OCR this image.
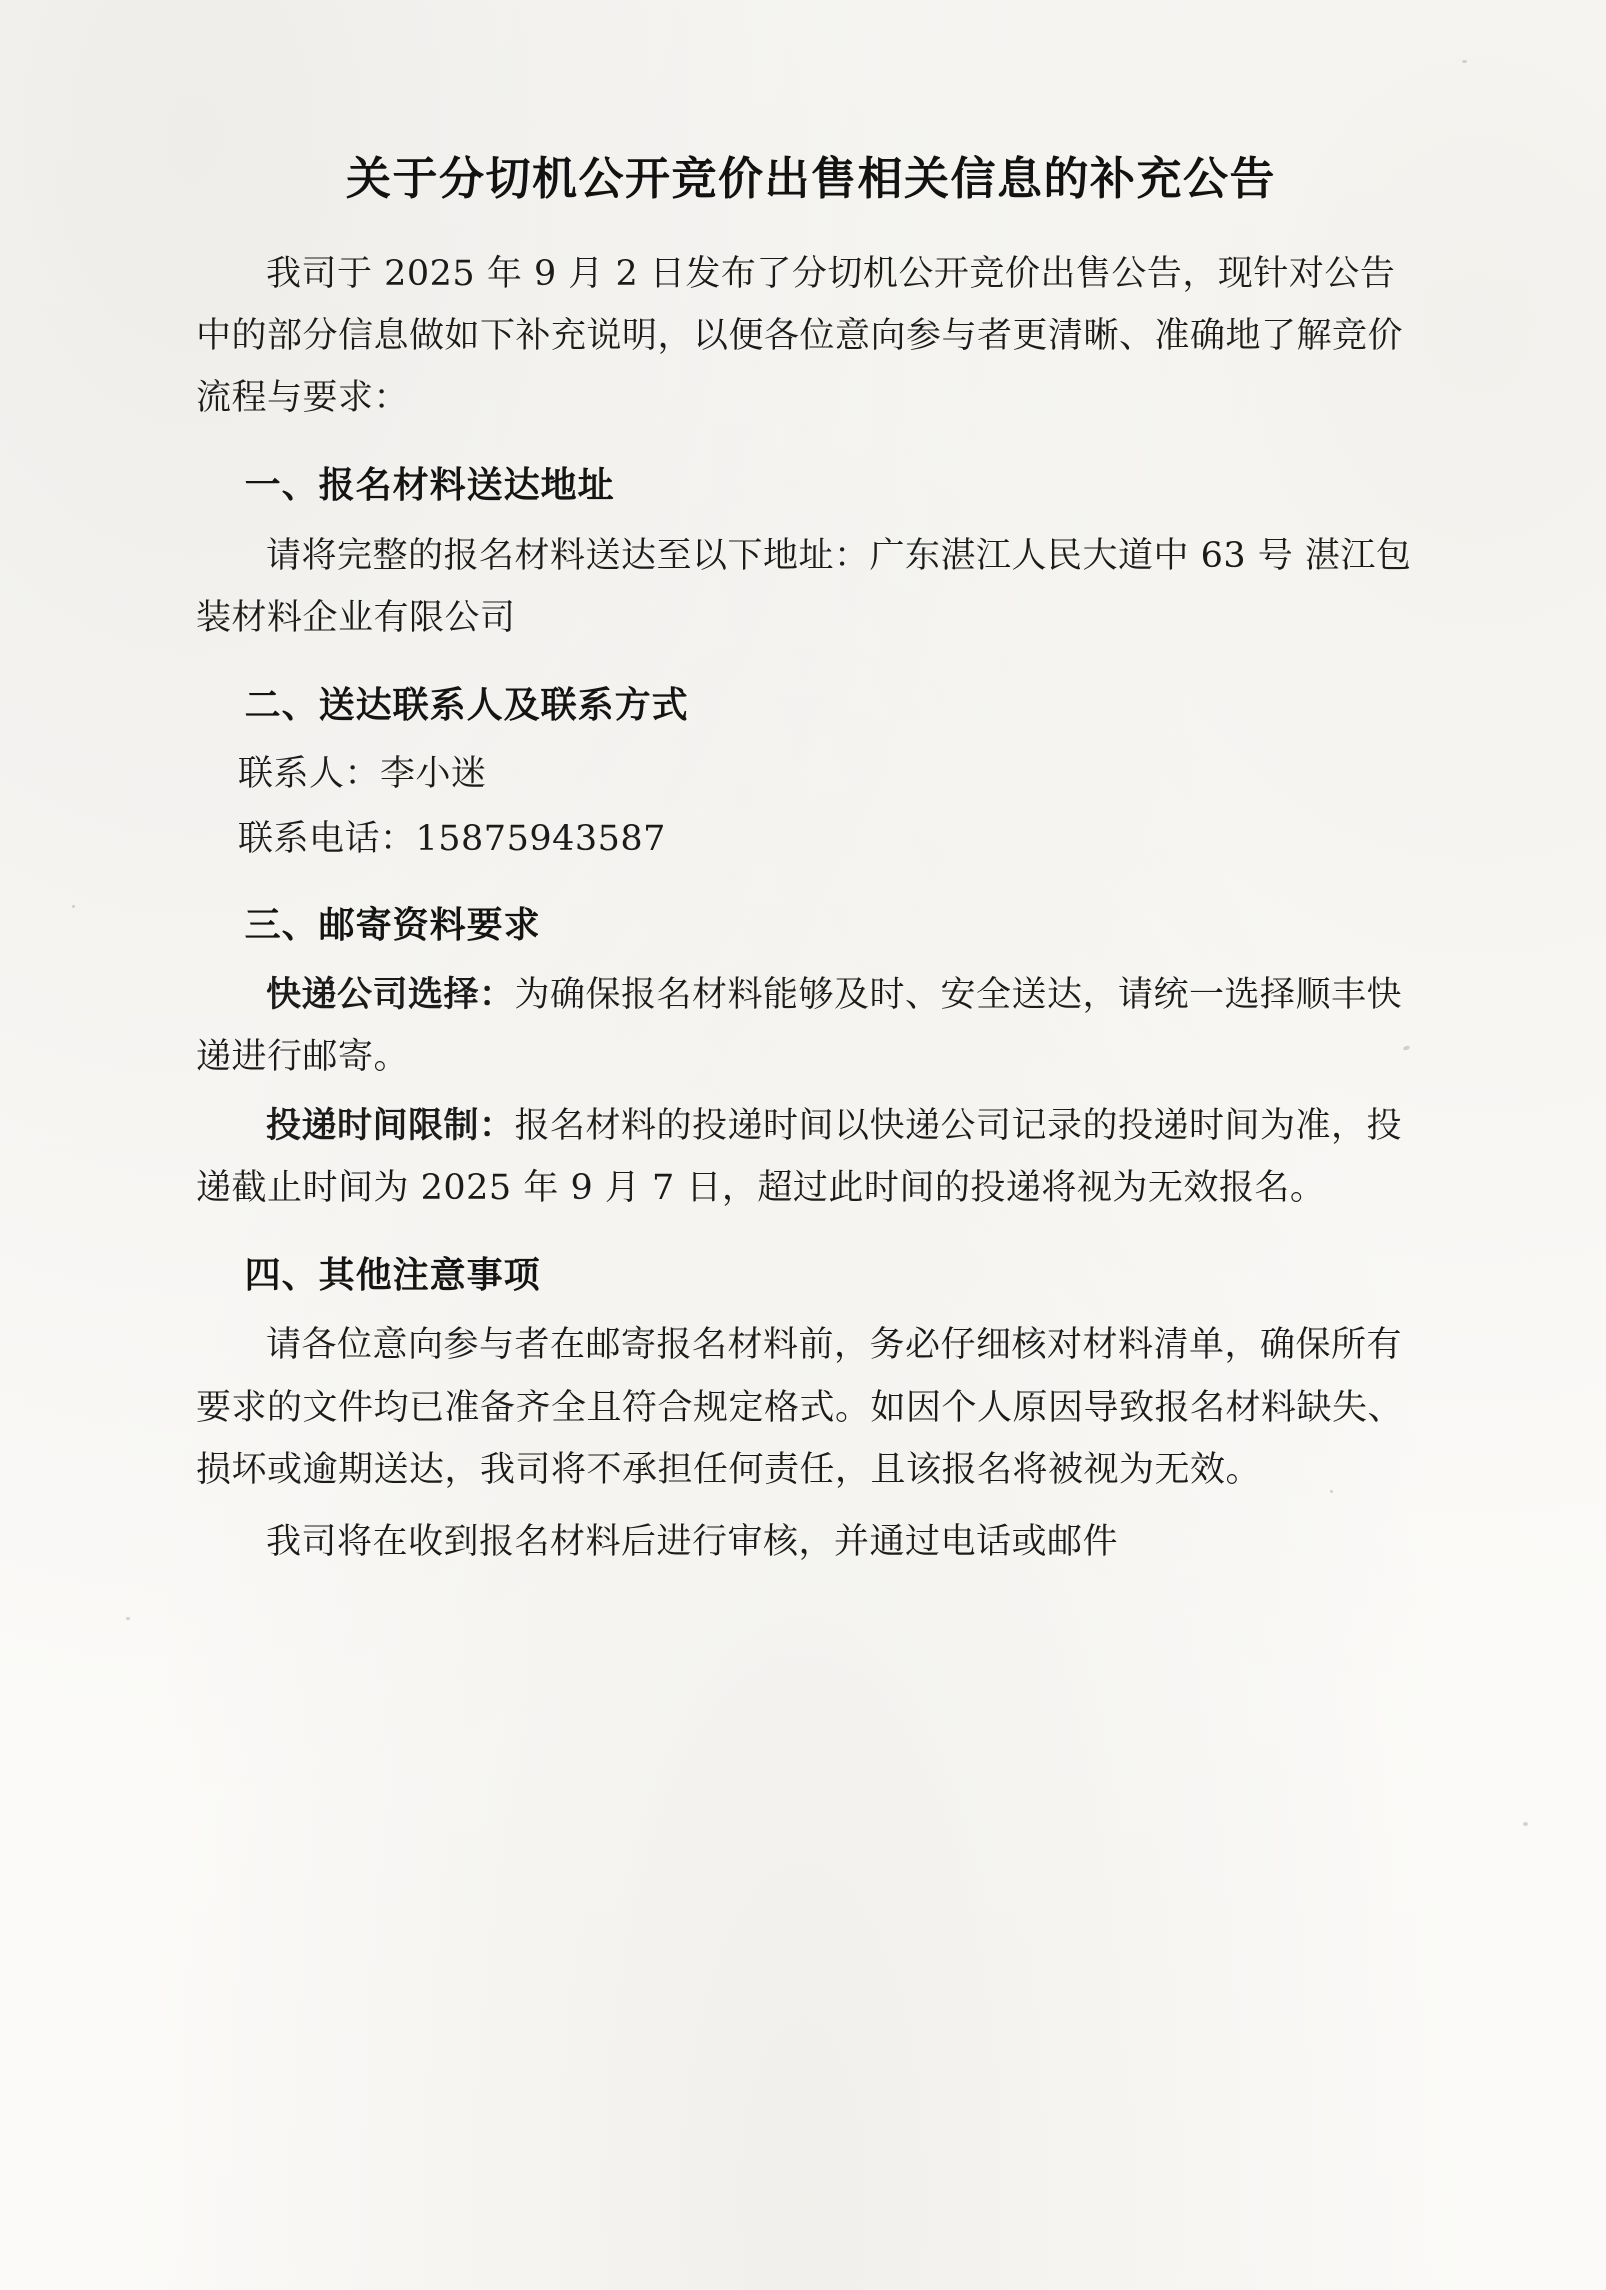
关于分切机公开竞价出售相关信息的补充公告

我司于 2025 年 9 月 2 日发布了分切机公开竞价出售公告，现针对公告中的部分信息做如下补充说明，以便各位意向参与者更清晰、准确地了解竞价流程与要求：

一、报名材料送达地址

请将完整的报名材料送达至以下地址：广东湛江人民大道中 63 号 湛江包装材料企业有限公司

二、送达联系人及联系方式

联系人：李小迷

联系电话：15875943587

三、邮寄资料要求

快递公司选择：为确保报名材料能够及时、安全送达，请统一选择顺丰快递进行邮寄。

投递时间限制：报名材料的投递时间以快递公司记录的投递时间为准，投递截止时间为 2025 年 9 月 7 日，超过此时间的投递将视为无效报名。

四、其他注意事项

请各位意向参与者在邮寄报名材料前，务必仔细核对材料清单，确保所有要求的文件均已准备齐全且符合规定格式。如因个人原因导致报名材料缺失、损坏或逾期送达，我司将不承担任何责任，且该报名将被视为无效。

我司将在收到报名材料后进行审核，并通过电话或邮件
